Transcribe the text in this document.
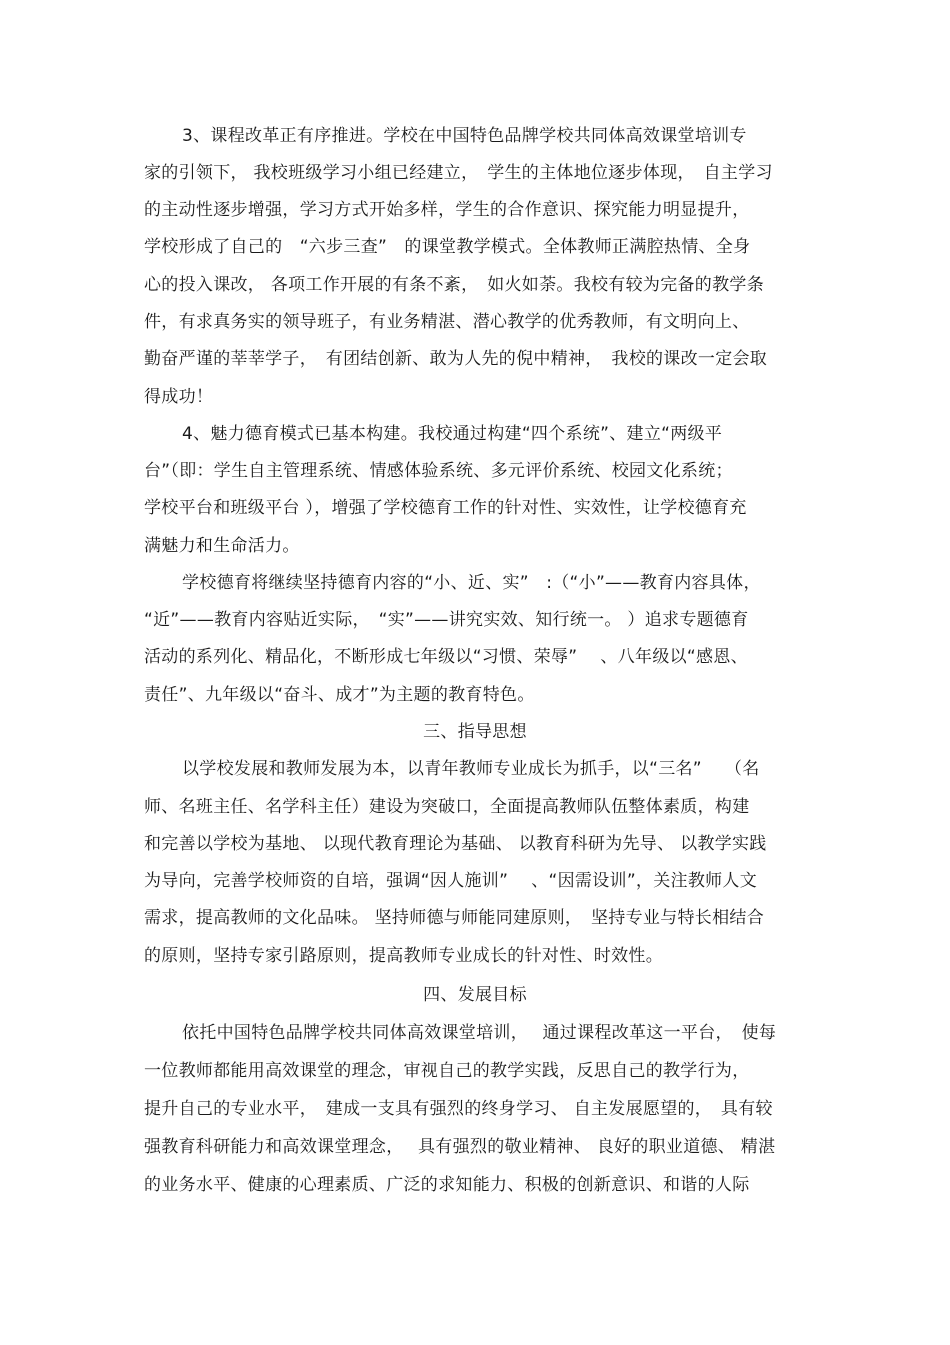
3、课程改革正有序推进。学校在中国特色品牌学校共同体高效课堂培训专
家的引领下， 我校班级学习小组已经建立，　学生的主体地位逐步体现，　自主学习
的主动性逐步增强，学习方式开始多样，学生的合作意识、探究能力明显提升，
学校形成了自己的　“六步三查”　的课堂教学模式。全体教师正满腔热情、全身
心的投入课改， 各项工作开展的有条不紊，　如火如荼。我校有较为完备的教学条
件，有求真务实的领导班子，有业务精湛、潜心教学的优秀教师，有文明向上、
勤奋严谨的莘莘学子，　有团结创新、敢为人先的倪中精神，　我校的课改一定会取
得成功！
4、魅力德育模式已基本构建。我校通过构建“四个系统”、建立“两级平
台”（即：学生自主管理系统、情感体验系统、多元评价系统、校园文化系统；
学校平台和班级平台 ），增强了学校德育工作的针对性、实效性，让学校德育充
满魅力和生命活力。
学校德育将继续坚持德育内容的“小、近、实”　:（“小”——教育内容具体，
“近”——教育内容贴近实际，　“实”——讲究实效、知行统一。 ）追求专题德育
活动的系列化、精品化，不断形成七年级以“习惯、荣辱”　 、八年级以“感恩、
责任”、九年级以“奋斗、成才”为主题的教育特色。
三、指导思想
以学校发展和教师发展为本，以青年教师专业成长为抓手，以“三名”　 （名
师、名班主任、名学科主任）建设为突破口，全面提高教师队伍整体素质，构建
和完善以学校为基地、 以现代教育理论为基础、 以教育科研为先导、 以教学实践
为导向，完善学校师资的自培，强调“因人施训”　 、“因需设训”，关注教师人文
需求，提高教师的文化品味。 坚持师德与师能同建原则，　坚持专业与特长相结合
的原则，坚持专家引路原则，提高教师专业成长的针对性、时效性。
四、发展目标
依托中国特色品牌学校共同体高效课堂培训，　 通过课程改革这一平台，　使每
一位教师都能用高效课堂的理念，审视自己的教学实践，反思自己的教学行为，
提升自己的专业水平，　建成一支具有强烈的终身学习、 自主发展愿望的，　具有较
强教育科研能力和高效课堂理念，　 具有强烈的敬业精神、 良好的职业道德、 精湛
的业务水平、健康的心理素质、广泛的求知能力、积极的创新意识、和谐的人际
